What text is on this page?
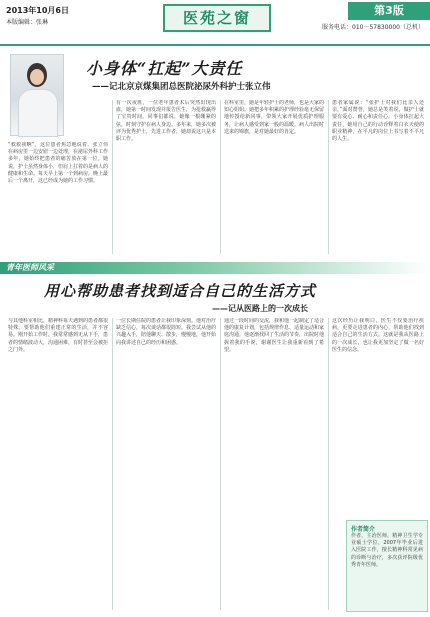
2013年10月6日
本版编辑：张琳	医苑之窗	第3版
服务电话：010－57830000（总机）
小身体“扛起”大责任
——记北京京煤集团总医院泌尿外科护士张立伟
“救救我啊”，这位患者焦急地说着。张立伟在病房里一边安慰一边处理，在泌尿外科工作多年，她始终把患者的痛苦放在第一位。她说，护士虽然身体小，但肩上扛着的是病人的健康和生命。每天早上第一个到病房，晚上最后一个离开，这已经成为她的工作习惯。
有一次夜班，一位老年患者术后突然出现出血，她第一时间发现并报告医生，为抢救赢得了宝贵时间。同事们都说，她像一根绷紧的弦，时刻守护在病人身边。多年来，她多次被评为优秀护士，先进工作者，她却说这只是本职工作。
在科室里，她是年轻护士的老师，也是大家的知心姐姐。她把多年积累的护理经验毫无保留地传授给新同事，带领大家开展优质护理服务，让病人感受到家一般的温暖。病人出院时送来的锦旗，是对她最好的肯定。
患者家属说：“张护士对我们比亲人还亲。”面对赞誉，她总是笑着说，做护士就要有爱心、耐心和责任心。小身体扛起大责任，她用自己的行动诠释着白衣天使的职业精神，在平凡的岗位上书写着不平凡的人生。
青年医师风采
用心帮助患者找到适合自己的生活方式
——记从医路上的一次成长
与其他科室相比，精神科每天遇到的患者都很特殊。要帮助他们重建正常的生活，并不容易。刚开始工作时，我常常感到无从下手，患者的情绪波动大，沟通困难，有时甚至会被拒之门外。
一位长期住院的患者让我印象深刻。他对治疗缺乏信心，每次谈话都很简短。我尝试从他的兴趣入手，陪他聊天、散步，慢慢地，他开始向我讲述自己的经历和困惑。
通过一段时间的交流，我和他一起制定了适合他的康复计划，包括规律作息、适量运动和家庭沟通。他逐渐找回了生活的节奏，出院时他握着我的手说，谢谢医生让我重新看到了希望。
这次经历让我明白，医生不仅要治疗疾病，更要走进患者的内心，帮助他们找到适合自己的生活方式。这就是我从医路上的一次成长，也让我更加坚定了做一名好医生的信念。
作者简介
作者，主治医师，精神卫生学专业硕士学位，2007年毕业后进入医院工作，擅长精神科常见病的诊断与治疗，多次获评院级优秀青年医师。
